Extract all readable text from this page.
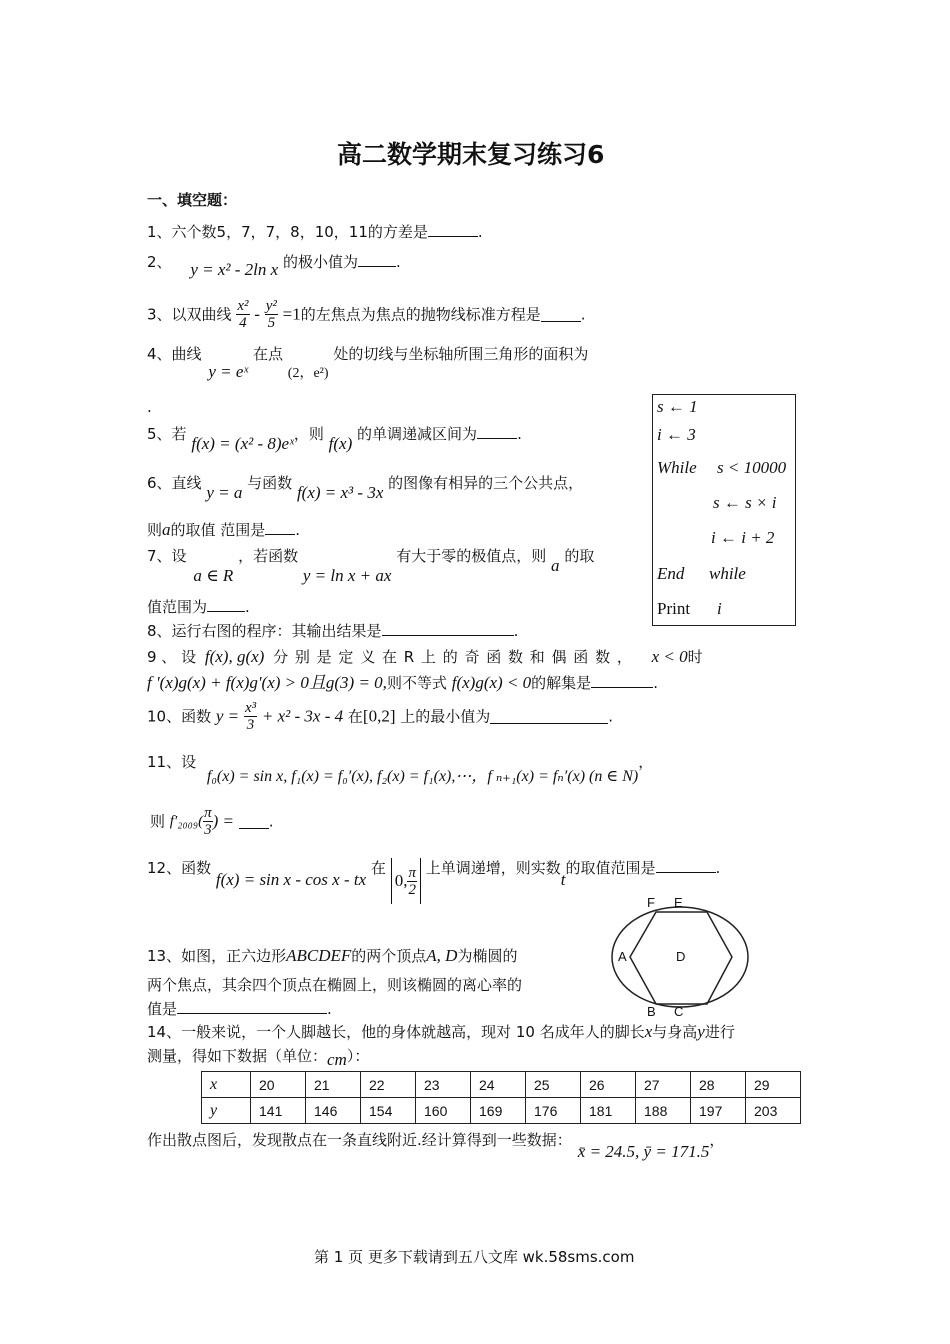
高二数学期末复习练习6
一、填空题：
1、六个数5，7，7，8，10，11的方差是	.
2、 y = x² - 2ln x 的极小值为	.
3、以双曲线 $\frac{\text{x²}}{4} - \frac{\text{y²}}{5} =1$的左焦点为焦点的抛物线标准方程是	.
4、曲线 y = eˣ 在点 (2，e²) 处的切线与坐标轴所围三角形的面积为
.
5、若 f(x) = (x² - 8)eˣ，则 f(x) 的单调递减区间为	.
6、直线 y = a 与函数 f(x) = x³ - 3x 的图像有相异的三个公共点，
则a的取值 范围是 .
7、设 a ∈ R ，若函数 y = ln x + ax 有大于零的极值点，则 a 的取
值范围为	.
8、运行右图的程序：其输出结果是	.
s ← 1
i ← 3
While s < 10000
s ← s × i
i ← i + 2
End while
Print i
9 、 设 f(x), g(x) 分 别 是 定 义 在 R 上 的 奇 函 数 和 偶 函 数 ， x < 0时
f '(x)g(x) + f(x)g'(x) > 0且g(3) = 0,则不等式 f(x)g(x) < 0的解集是	.
10、函数 $y = \frac{\text{x³}}{3} + x^2 - 3x - 4$ 在[0,2] 上的最小值为	.
11、设 f₀(x) = sin x, f₁(x) = f₀′(x), f₂(x) = f₁(x),⋯，f ₙ₊₁(x) = fₙ′(x) (n ∈ N)，
则 $f'_{2009}( \frac{\pi}{3}$ ) = .
12、函数 f(x) = sin x - cos x - tx 在 0, $\frac{\pi}{2}$ 上单调递增，则实数t的取值范围是	.
13、如图，正六边形ABCDEF的两个顶点A, D为椭圆的
两个焦点，其余四个顶点在椭圆上，则该椭圆的离心率的
值是	.
F E
A	D
B C
14、一般来说，一个人脚越长，他的身体就越高，现对 10 名成年人的脚长x与身高y进行
测量，得如下数据（单位：cm）：
x	20	21	22	23	24	25	26	27	28	29
y	141	146	154	160	169	176	181	188	197	203
作出散点图后，发现散点在一条直线附近.经计算得到一些数据：x̄ = 24.5, ȳ = 171.5，
第 1 页 更多下载请到五八文库 wk.58sms.com
